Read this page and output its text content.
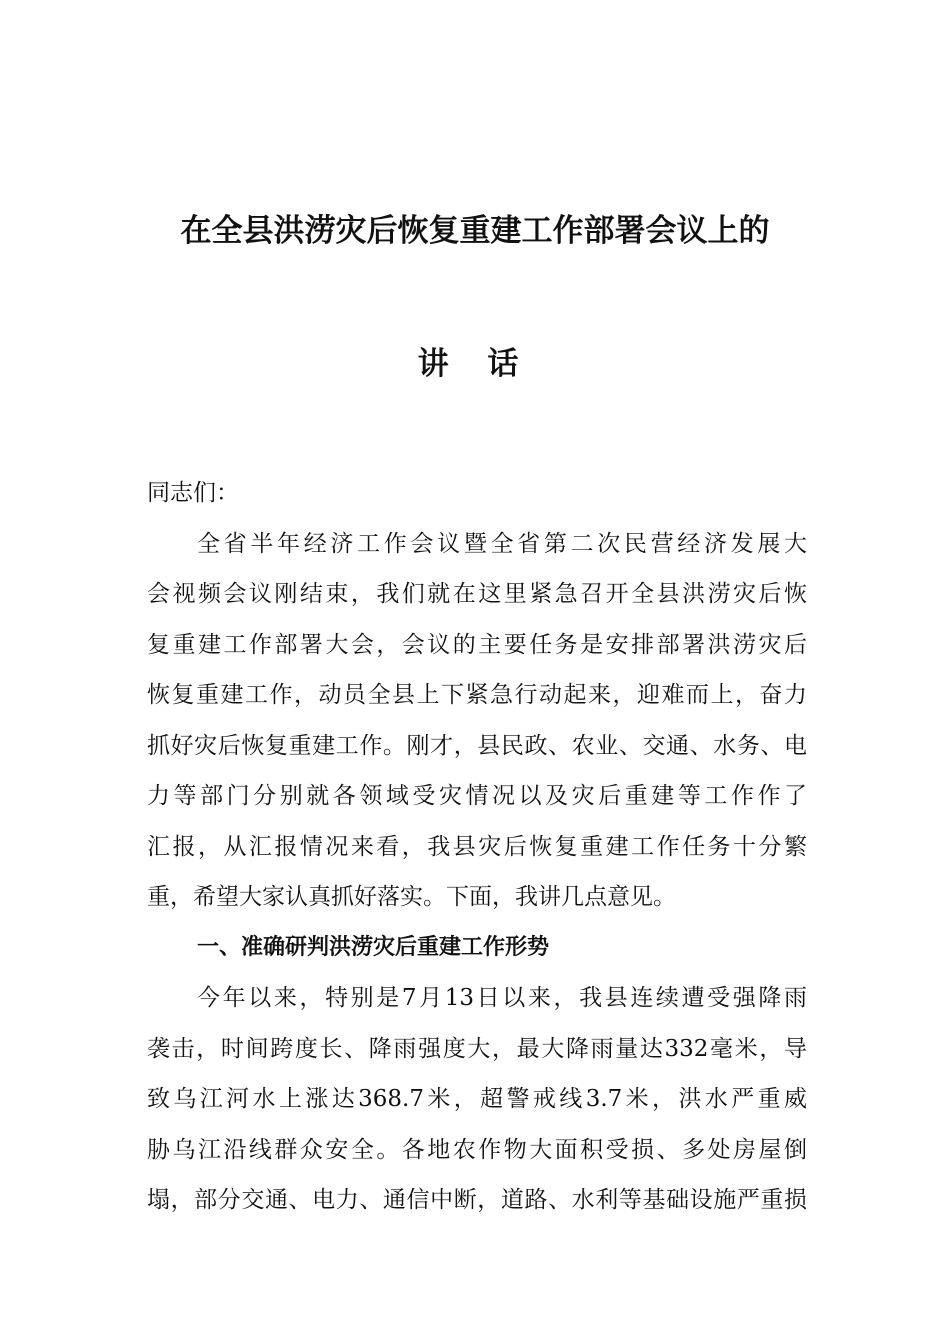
在全县洪涝灾后恢复重建工作部署会议上的
讲 话
同志们：
全省半年经济工作会议暨全省第二次民营经济发展大
会视频会议刚结束，我们就在这里紧急召开全县洪涝灾后恢
复重建工作部署大会，会议的主要任务是安排部署洪涝灾后
恢复重建工作，动员全县上下紧急行动起来，迎难而上，奋力
抓好灾后恢复重建工作。刚才，县民政、农业、交通、水务、电
力等部门分别就各领域受灾情况以及灾后重建等工作作了
汇报，从汇报情况来看，我县灾后恢复重建工作任务十分繁
重，希望大家认真抓好落实。下面，我讲几点意见。
一、准确研判洪涝灾后重建工作形势
今年以来，特别是7月13日以来，我县连续遭受强降雨
袭击，时间跨度长、降雨强度大，最大降雨量达332毫米，导
致乌江河水上涨达368.7米，超警戒线3.7米，洪水严重威
胁乌江沿线群众安全。各地农作物大面积受损、多处房屋倒
塌，部分交通、电力、通信中断，道路、水利等基础设施严重损
